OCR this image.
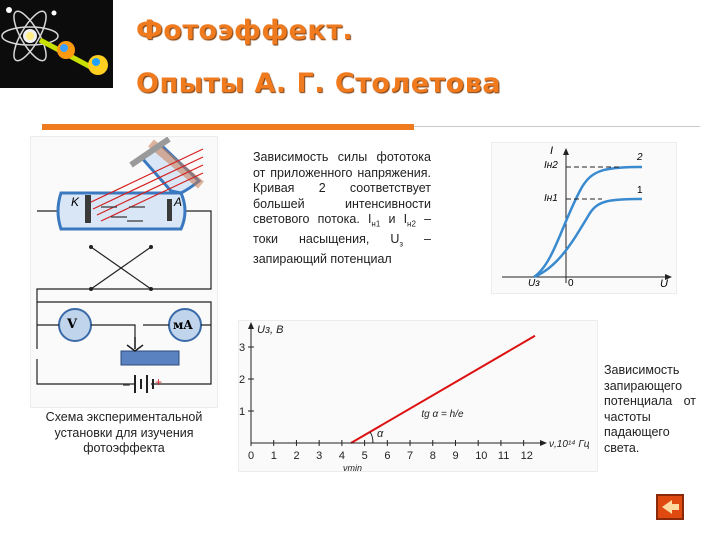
Фотоэффект.
Опыты А. Г. Столетова
K	A
V	мA
– +
Схема экспериментальной установки для изучения фотоэффекта
Зависимость силы фототока от приложенного напряжения. Кривая 2 соответствует большей интенсивности светового потока. $I_{н1}$ и $I_{н2}$ – токи насыщения, $U_з$ – запирающий потенциал
I
U
Iн2
Iн1
Uз	0
1
2
0 1 2 3 4 5 6 7 8 9 10 11 12
1
2
3
α
tg α = h/e
νmin
Uз, В
ν,10¹⁴ Гц
Зависимость запирающего потенциала от частоты падающего света.
